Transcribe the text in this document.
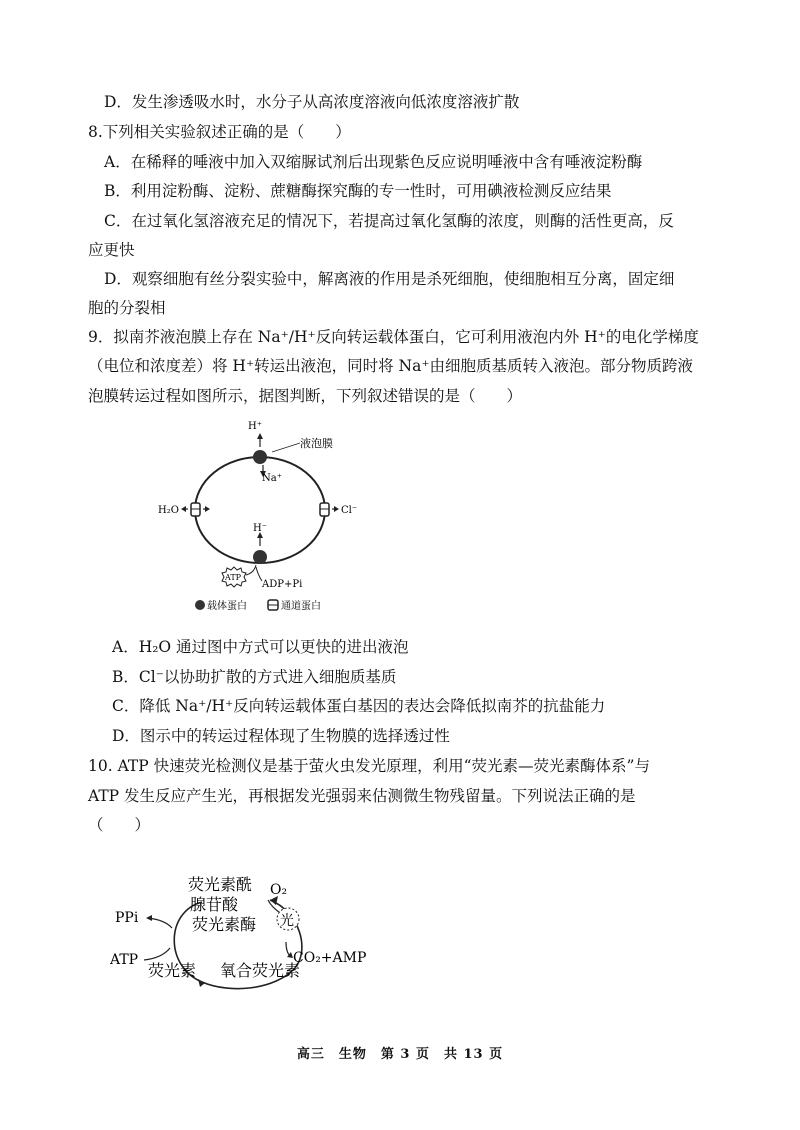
D．发生渗透吸水时，水分子从高浓度溶液向低浓度溶液扩散
8.下列相关实验叙述正确的是（　　）
A．在稀释的唾液中加入双缩脲试剂后出现紫色反应说明唾液中含有唾液淀粉酶
B．利用淀粉酶、淀粉、蔗糖酶探究酶的专一性时，可用碘液检测反应结果
C．在过氧化氢溶液充足的情况下，若提高过氧化氢酶的浓度，则酶的活性更高，反
应更快
D．观察细胞有丝分裂实验中，解离液的作用是杀死细胞，使细胞相互分离，固定细
胞的分裂相
9．拟南芥液泡膜上存在 Na⁺/H⁺反向转运载体蛋白，它可利用液泡内外 H⁺的电化学梯度
（电位和浓度差）将 H⁺转运出液泡，同时将 Na⁺由细胞质基质转入液泡。部分物质跨液
泡膜转运过程如图所示，据图判断，下列叙述错误的是（　　）
H⁺
Na⁺
液泡膜
H₂O	Cl⁻
H⁻
ATP
ADP+Pi
载体蛋白	通道蛋白
A．H₂O 通过图中方式可以更快的进出液泡
B．Cl⁻以协助扩散的方式进入细胞质基质
C．降低 Na⁺/H⁺反向转运载体蛋白基因的表达会降低拟南芥的抗盐能力
D．图示中的转运过程体现了生物膜的选择透过性
10. ATP 快速荧光检测仪是基于萤火虫发光原理，利用“荧光素—荧光素酶体系”与
ATP 发生反应产生光，再根据发光强弱来估测微生物残留量。下列说法正确的是
（　　）
荧光素酰 O₂
腺苷酸
荧光素酶 光
PPi
ATP	CO₂+AMP
荧光素 氧合荧光素
高三　生物　第 3 页　共 13 页
